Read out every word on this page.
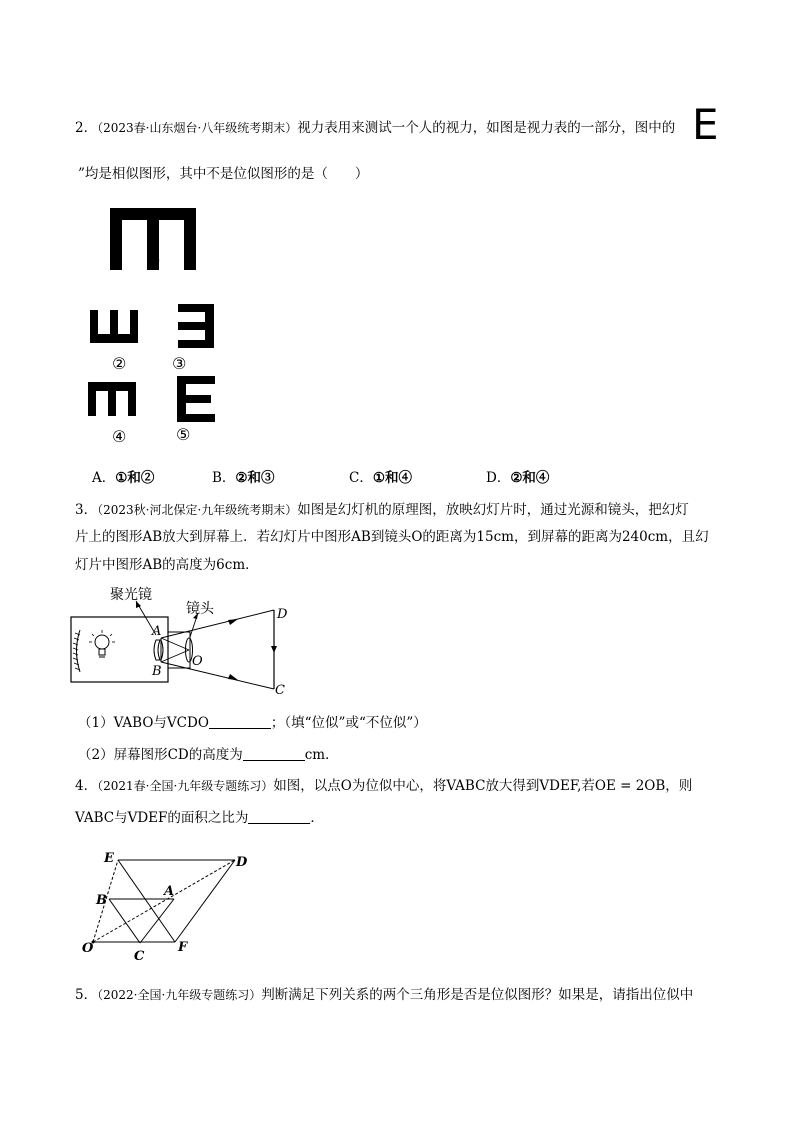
2．（2023春·山东烟台·八年级统考期末）视力表用来测试一个人的视力，如图是视力表的一部分，图中的 E
”均是相似图形，其中不是位似图形的是（　　）
①
②	③
④	⑤
A．①和②	B．②和③	C．①和④	D．②和④
3．（2023秋·河北保定·九年级统考期末）如图是幻灯机的原理图，放映幻灯片时，通过光源和镜头，把幻灯
片上的图形AB放大到屏幕上．若幻灯片中图形AB到镜头O的距离为15cm，到屏幕的距离为240cm，且幻
灯片中图形AB的高度为6cm．
聚光镜
镜头
A
B
O
D
C
（1）VABO与VCDO	；（填“位似”或“不位似”）
（2）屏幕图形CD的高度为	cm．
4．（2021春·全国·九年级专题练习）如图，以点O为位似中心，将VABC放大得到VDEF,若OE = 2OB，则
VABC与VDEF的面积之比为	．
E	D
A
B
O
C
F
5．（2022·全国·九年级专题练习）判断满足下列关系的两个三角形是否是位似图形？如果是，请指出位似中
